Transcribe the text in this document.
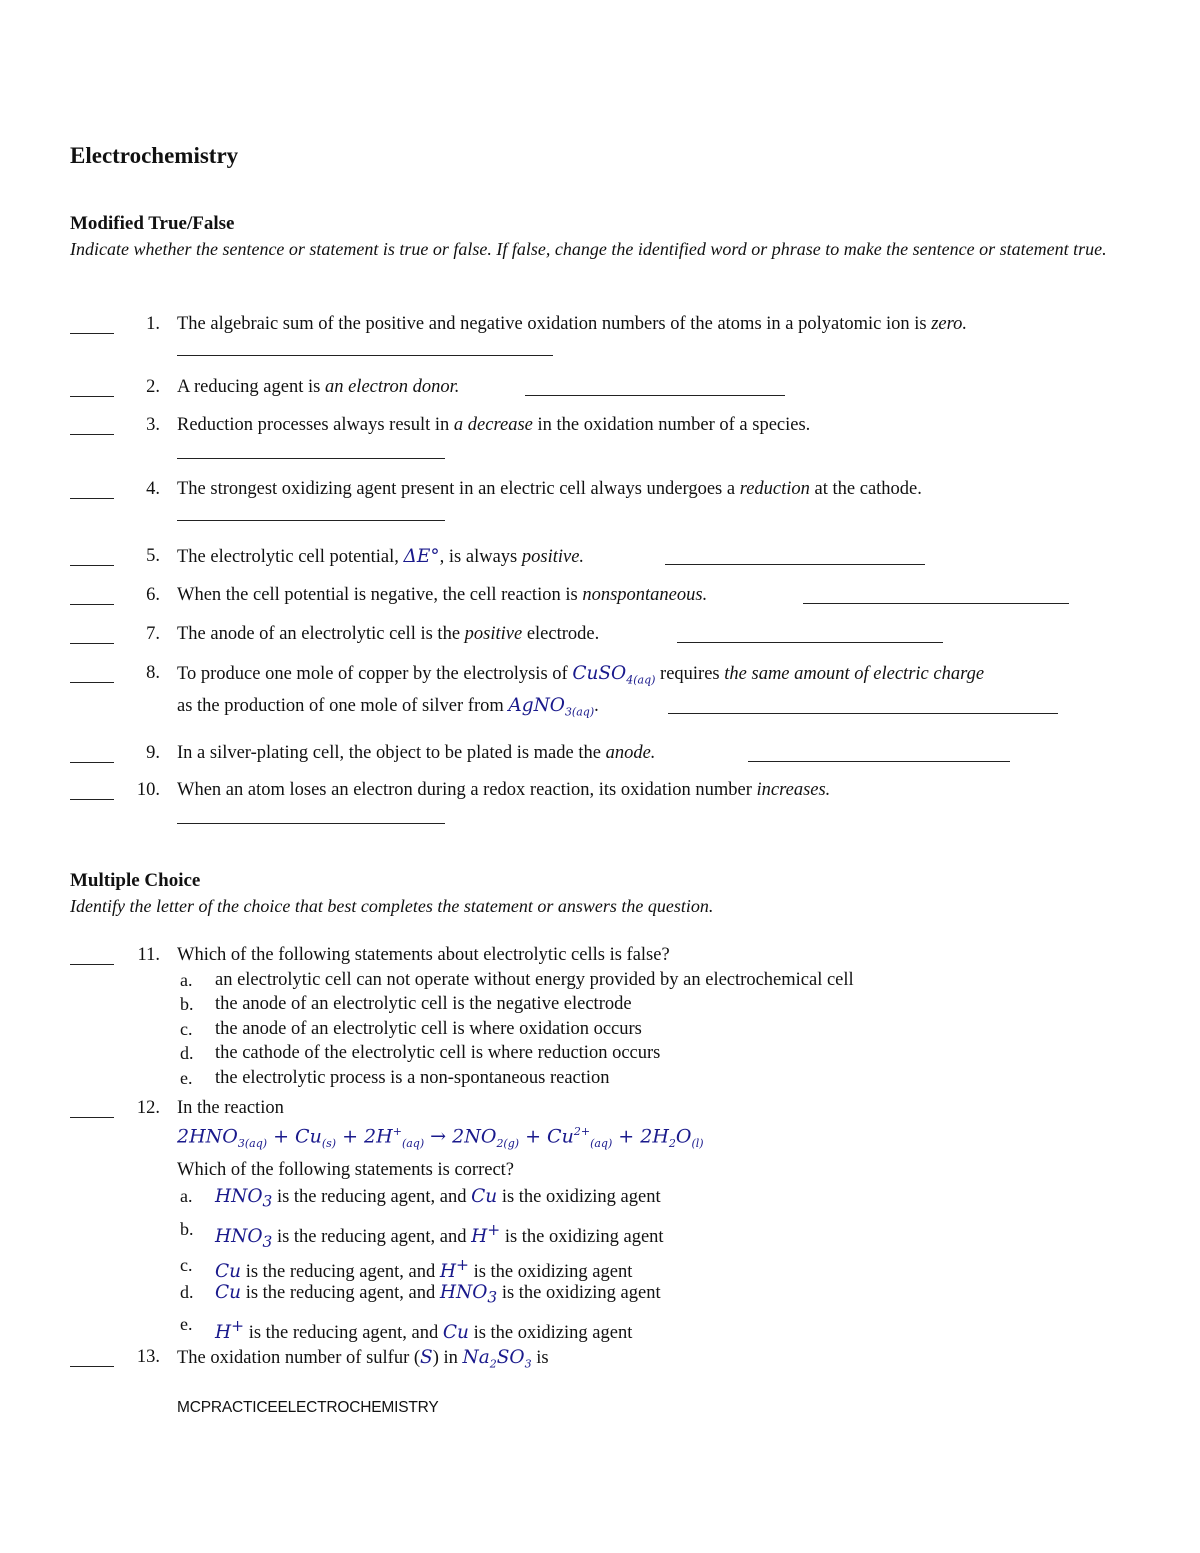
Electrochemistry
Modified True/False
Indicate whether the sentence or statement is true or false. If false, change the identified word or phrase to make the sentence or statement true.
1. The algebraic sum of the positive and negative oxidation numbers of the atoms in a polyatomic ion is zero.
2. A reducing agent is an electron donor.
3. Reduction processes always result in a decrease in the oxidation number of a species.
4. The strongest oxidizing agent present in an electric cell always undergoes a reduction at the cathode.
5. The electrolytic cell potential, ΔE°, is always positive.
6. When the cell potential is negative, the cell reaction is nonspontaneous.
7. The anode of an electrolytic cell is the positive electrode.
8. To produce one mole of copper by the electrolysis of CuSO$_{4(aq)}$ requires the same amount of electric charge
as the production of one mole of silver from AgNO$_{3(aq)}$.
9. In a silver-plating cell, the object to be plated is made the anode.
10. When an atom loses an electron during a redox reaction, its oxidation number increases.
Multiple Choice
Identify the letter of the choice that best completes the statement or answers the question.
11. Which of the following statements about electrolytic cells is false?
a. an electrolytic cell can not operate without energy provided by an electrochemical cell
b. the anode of an electrolytic cell is the negative electrode
c. the anode of an electrolytic cell is where oxidation occurs
d. the cathode of the electrolytic cell is where reduction occurs
e. the electrolytic process is a non-spontaneous reaction
12. In the reaction
$2HNO_{3(aq)} + Cu_{(s)} + 2H^+_{(aq)} \to 2NO_{2(g)} + Cu^{2+}_{(aq)} + 2H_2O_{(l)}$
Which of the following statements is correct?
a. $HNO_3$ is the reducing agent, and Cu is the oxidizing agent
b. $HNO_3$ is the reducing agent, and H+ is the oxidizing agent
c. Cu is the reducing agent, and H+ is the oxidizing agent
d. Cu is the reducing agent, and $HNO_3$ is the oxidizing agent
e. H+ is the reducing agent, and Cu is the oxidizing agent
13. The oxidation number of sulfur (S) in $Na_2SO_3$ is
MCPRACTICEELECTROCHEMISTRY
